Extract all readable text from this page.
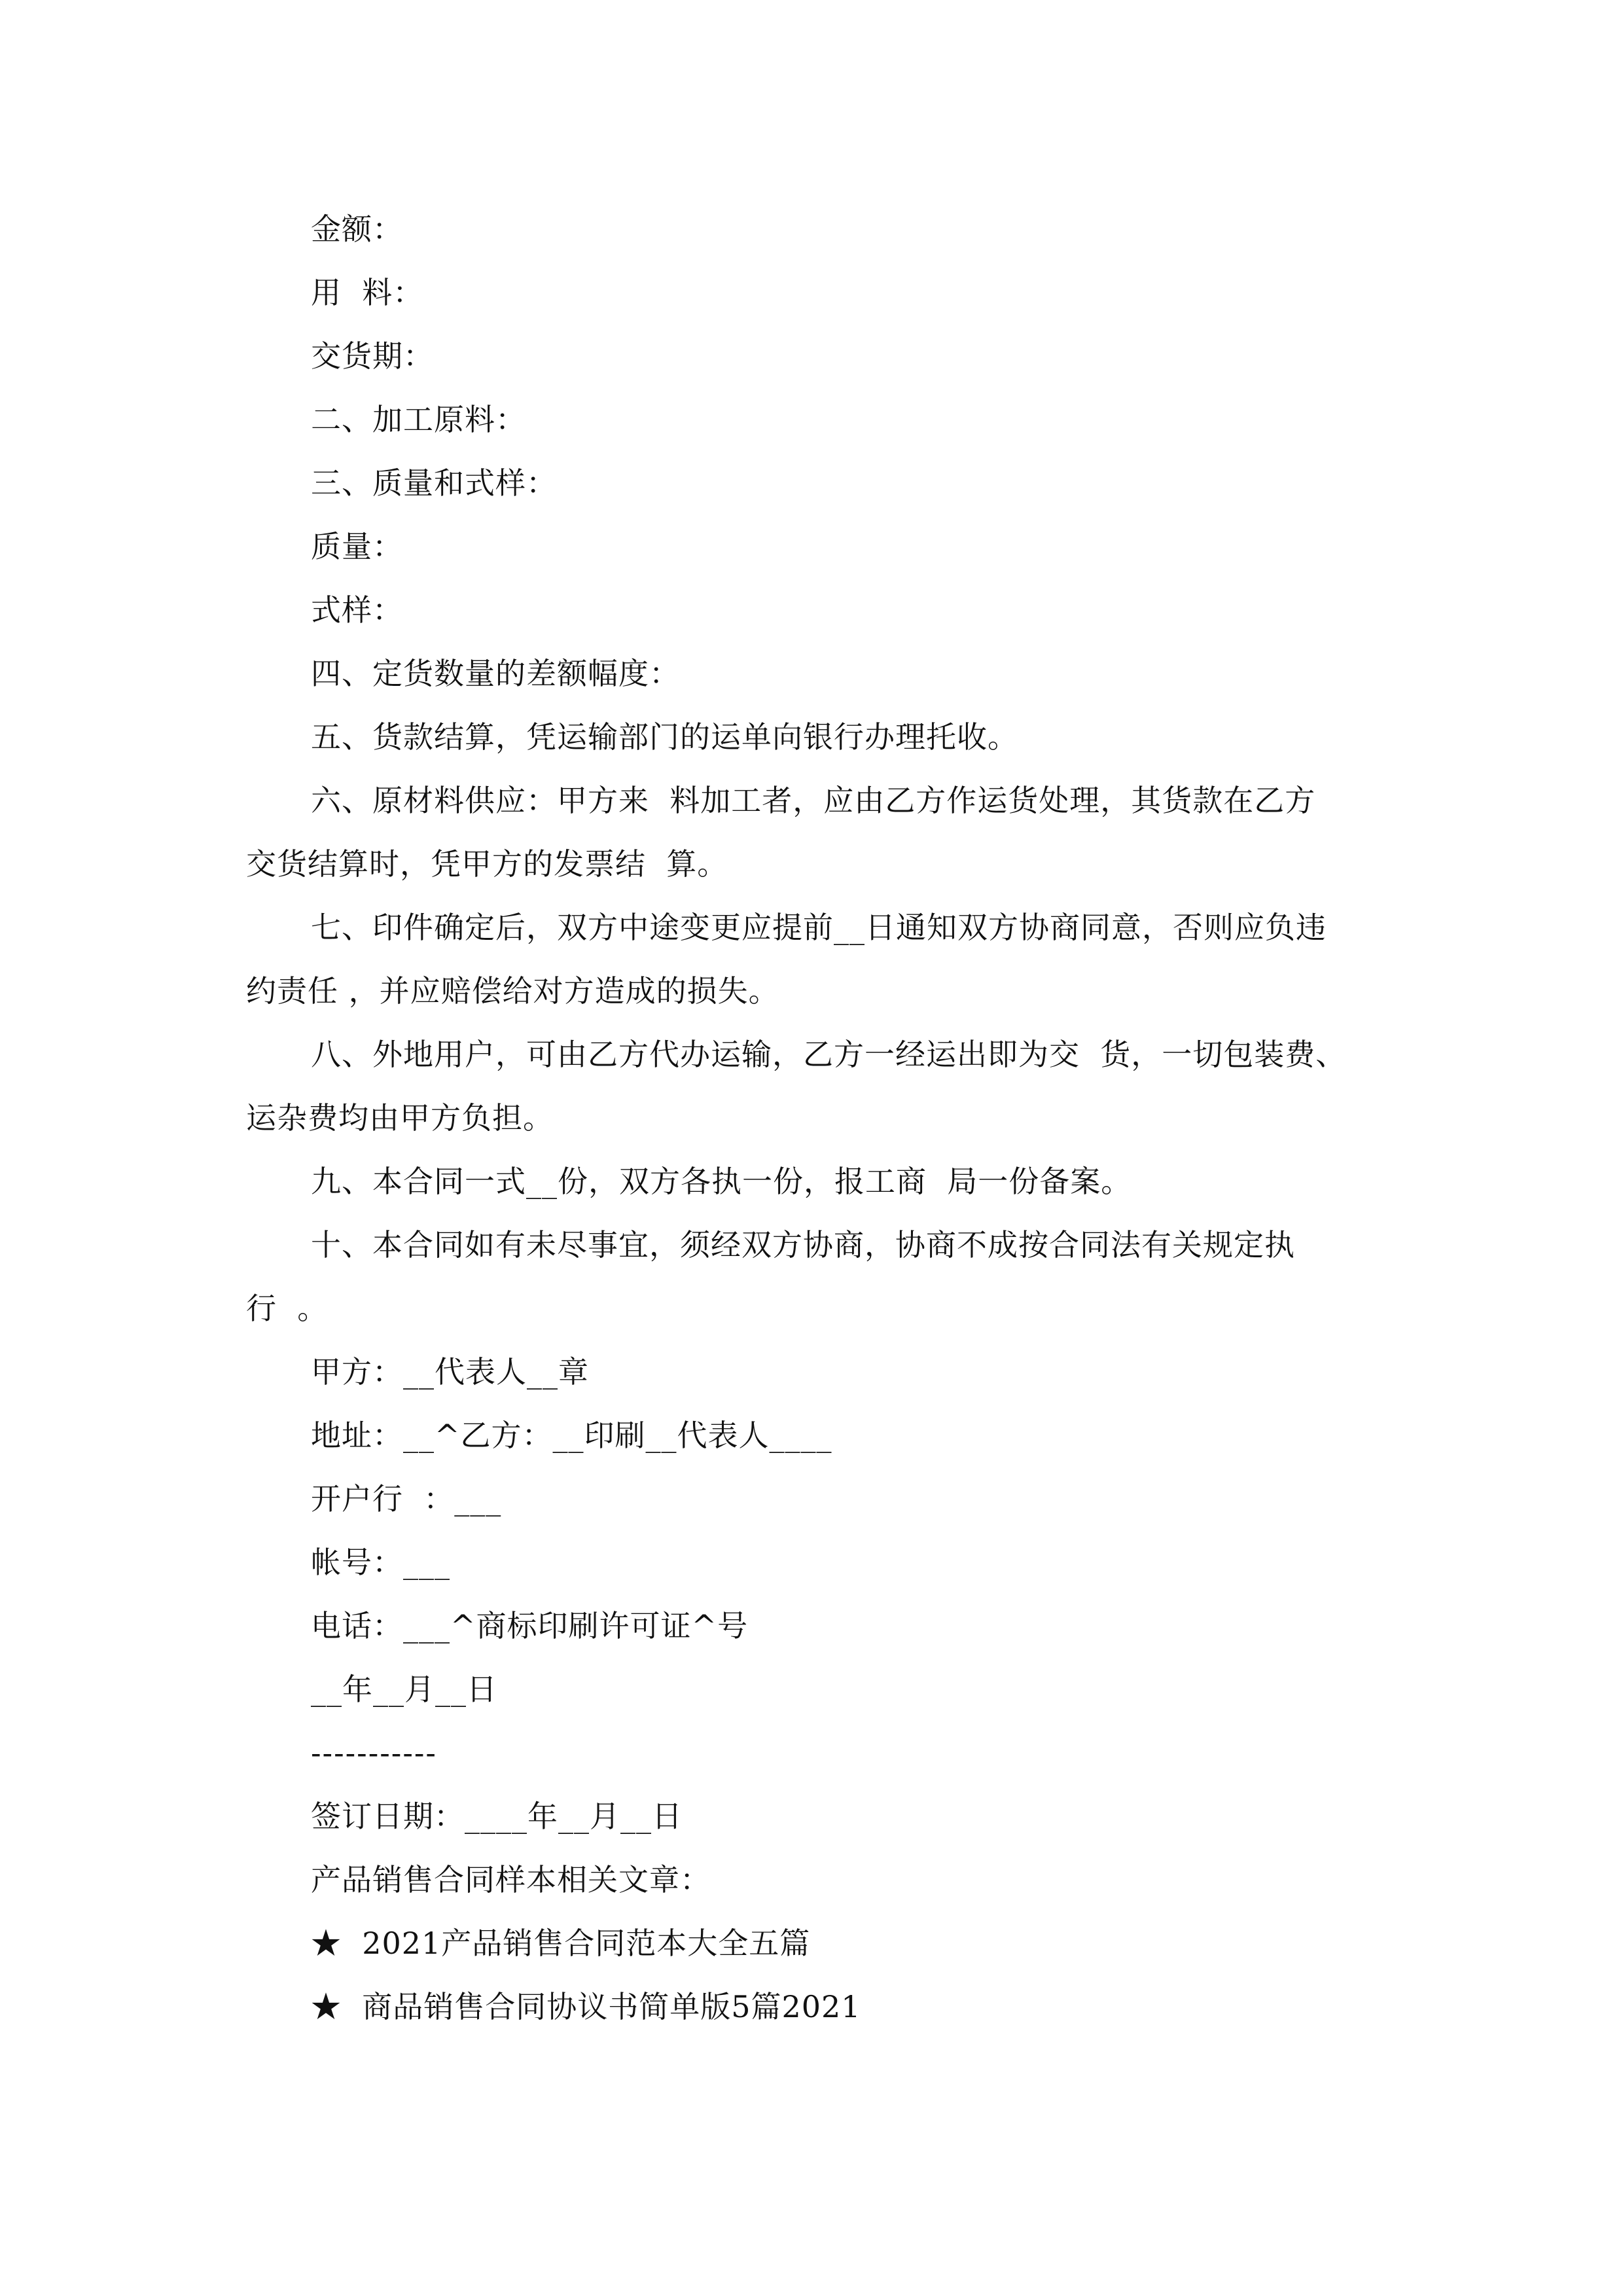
金额：
用  料：
交货期：
二、加工原料：
三、质量和式样：
质量：
式样：
四、定货数量的差额幅度：
五、货款结算，凭运输部门的运单向银行办理托收。
六、原材料供应：甲方来  料加工者，应由乙方作运货处理，其货款在乙方
交货结算时，凭甲方的发票结  算。
七、印件确定后，双方中途变更应提前__日通知双方协商同意，否则应负违
约责任 ，并应赔偿给对方造成的损失。
八、外地用户，可由乙方代办运输，乙方一经运出即为交  货，一切包装费、
运杂费均由甲方负担。
九、本合同一式__份，双方各执一份，报工商  局一份备案。
十、本合同如有未尽事宜，须经双方协商，协商不成按合同法有关规定执
行  。
甲方：__代表人__章
地址：__^乙方：__印刷__代表人____
开户行  ：___
帐号：___
电话：___^商标印刷许可证^号
__年__月__日
-----------
签订日期：____年__月__日
产品销售合同样本相关文章：
★  2021产品销售合同范本大全五篇
★  商品销售合同协议书简单版5篇2021
